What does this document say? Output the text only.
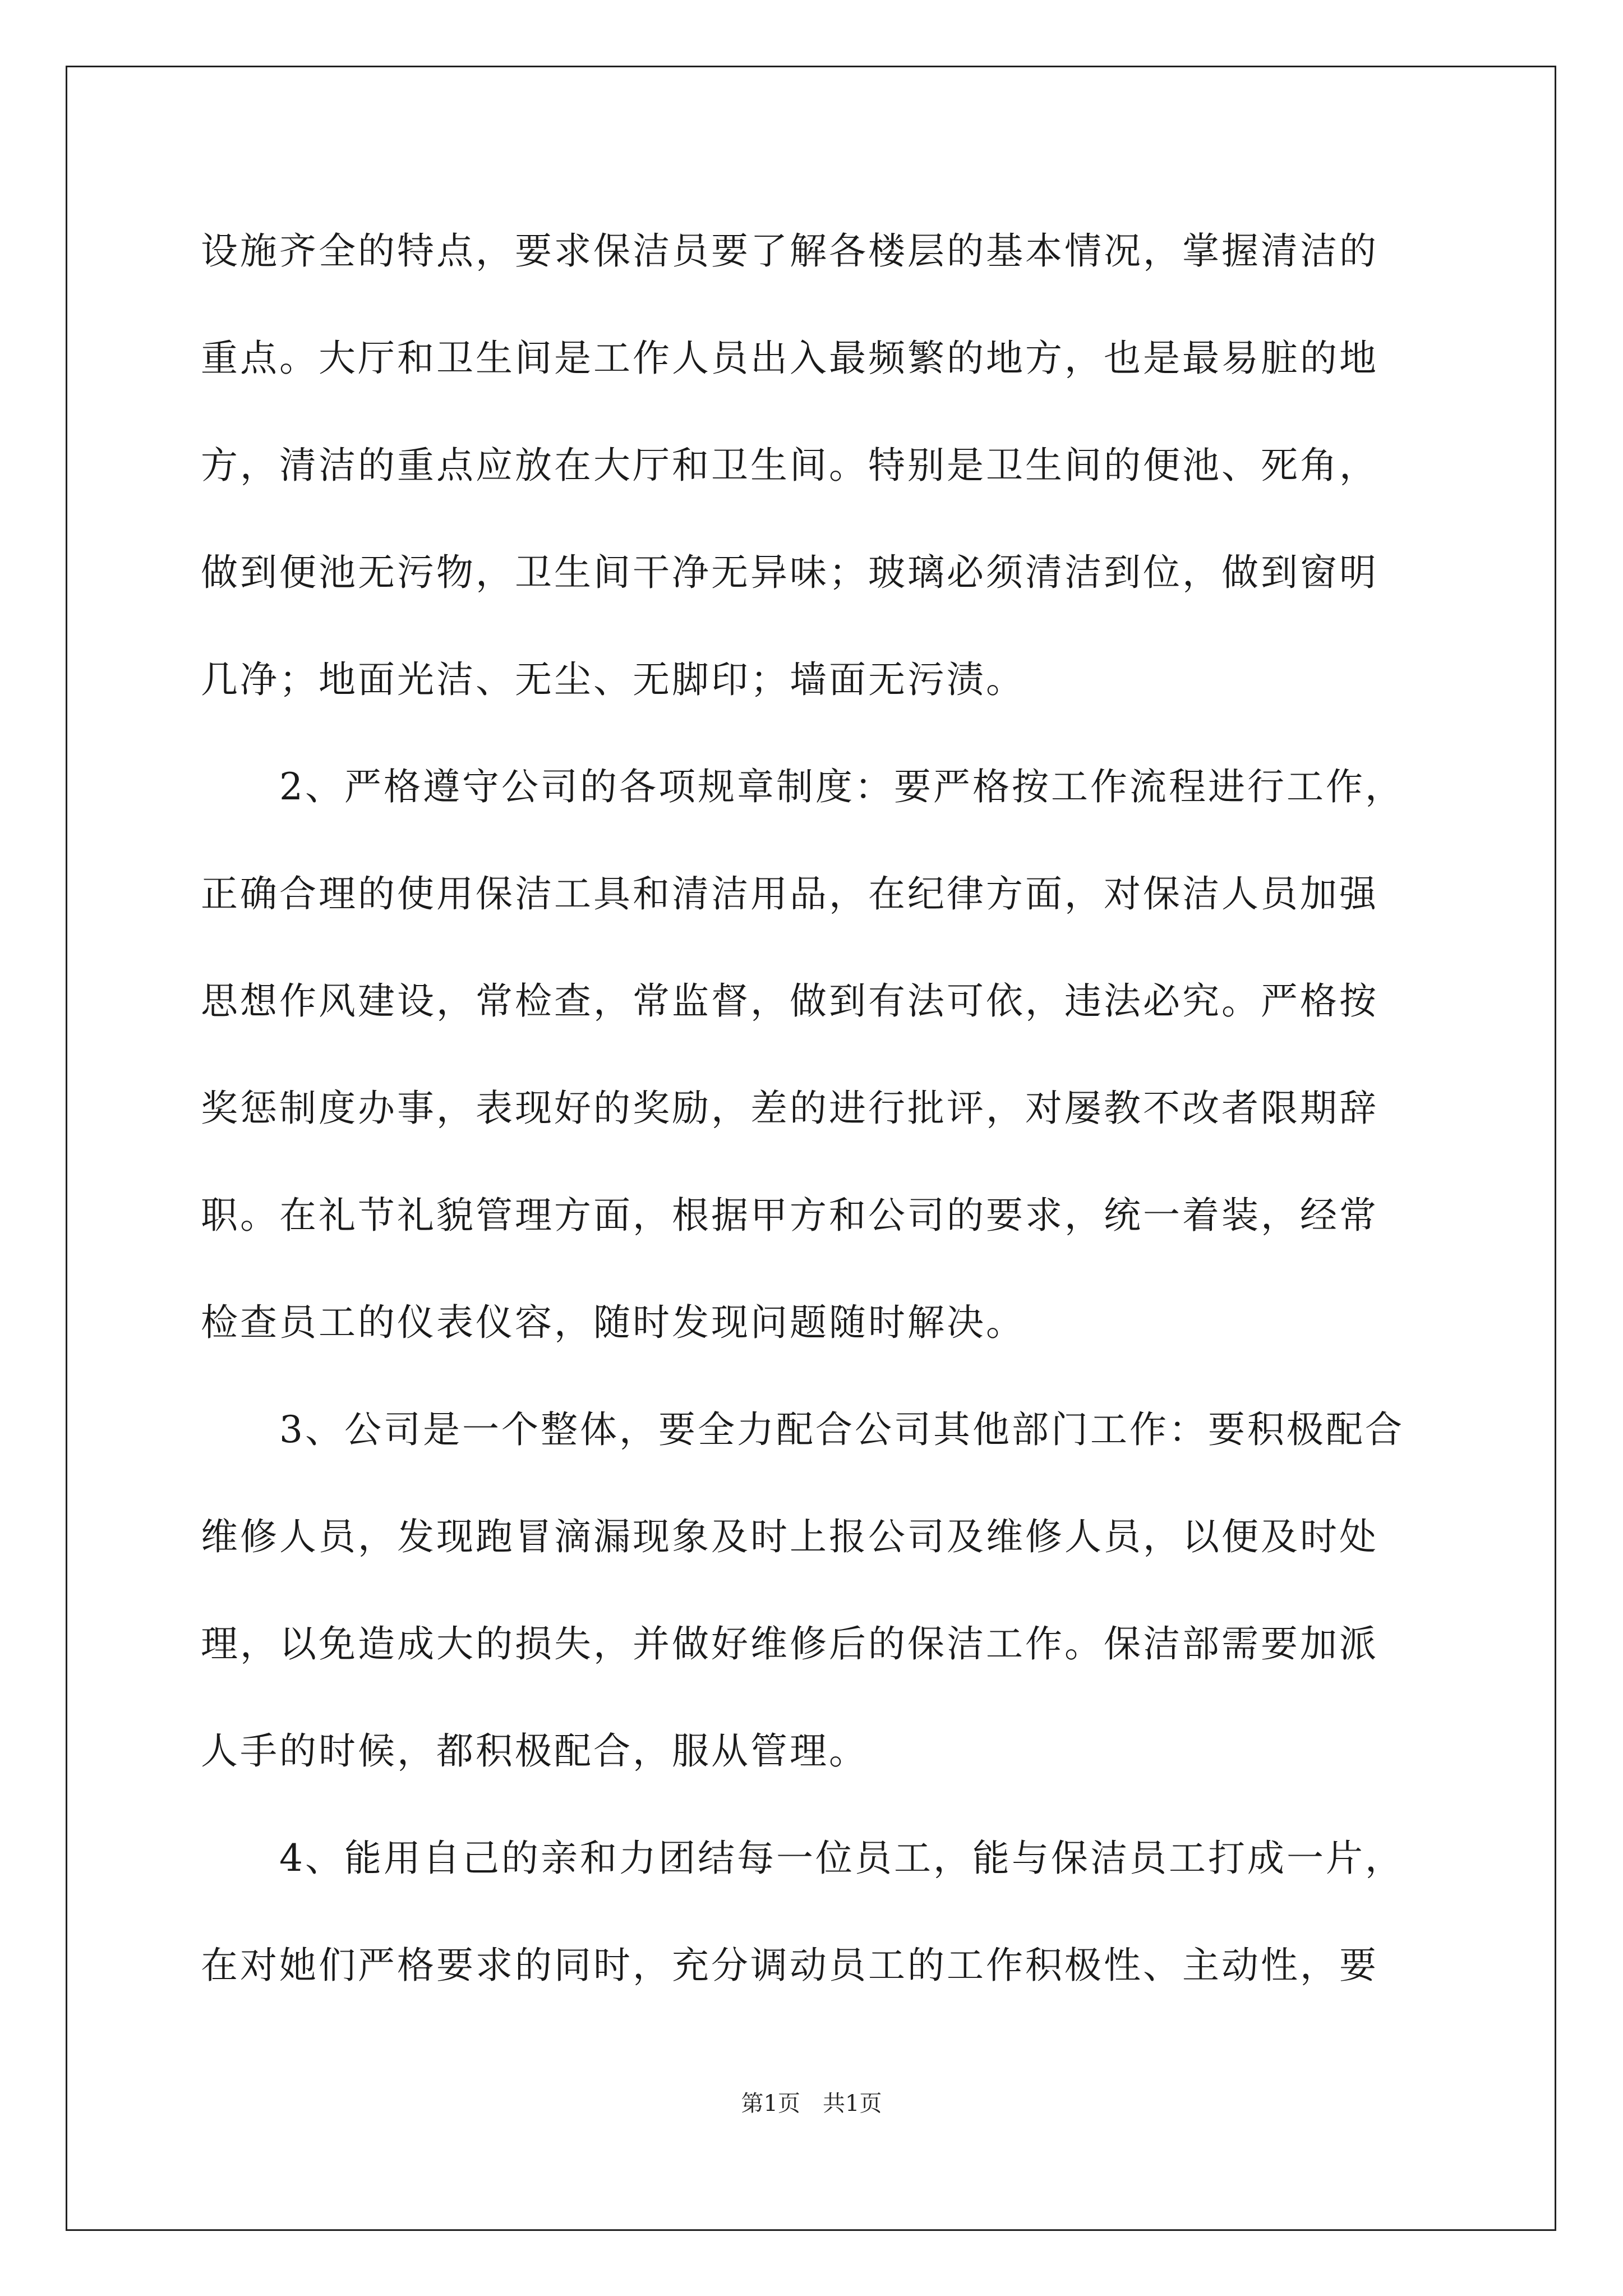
设施齐全的特点，要求保洁员要了解各楼层的基本情况，掌握清洁的
重点。大厅和卫生间是工作人员出入最频繁的地方，也是最易脏的地
方，清洁的重点应放在大厅和卫生间。特别是卫生间的便池、死角，
做到便池无污物，卫生间干净无异味；玻璃必须清洁到位，做到窗明
几净；地面光洁、无尘、无脚印；墙面无污渍。
　　2、严格遵守公司的各项规章制度：要严格按工作流程进行工作，
正确合理的使用保洁工具和清洁用品，在纪律方面，对保洁人员加强
思想作风建设，常检查，常监督，做到有法可依，违法必究。严格按
奖惩制度办事，表现好的奖励，差的进行批评，对屡教不改者限期辞
职。在礼节礼貌管理方面，根据甲方和公司的要求，统一着装，经常
检查员工的仪表仪容，随时发现问题随时解决。
　　3、公司是一个整体，要全力配合公司其他部门工作：要积极配合
维修人员，发现跑冒滴漏现象及时上报公司及维修人员，以便及时处
理，以免造成大的损失，并做好维修后的保洁工作。保洁部需要加派
人手的时候，都积极配合，服从管理。
　　4、能用自己的亲和力团结每一位员工，能与保洁员工打成一片，
在对她们严格要求的同时，充分调动员工的工作积极性、主动性，要
第1页　共1页
